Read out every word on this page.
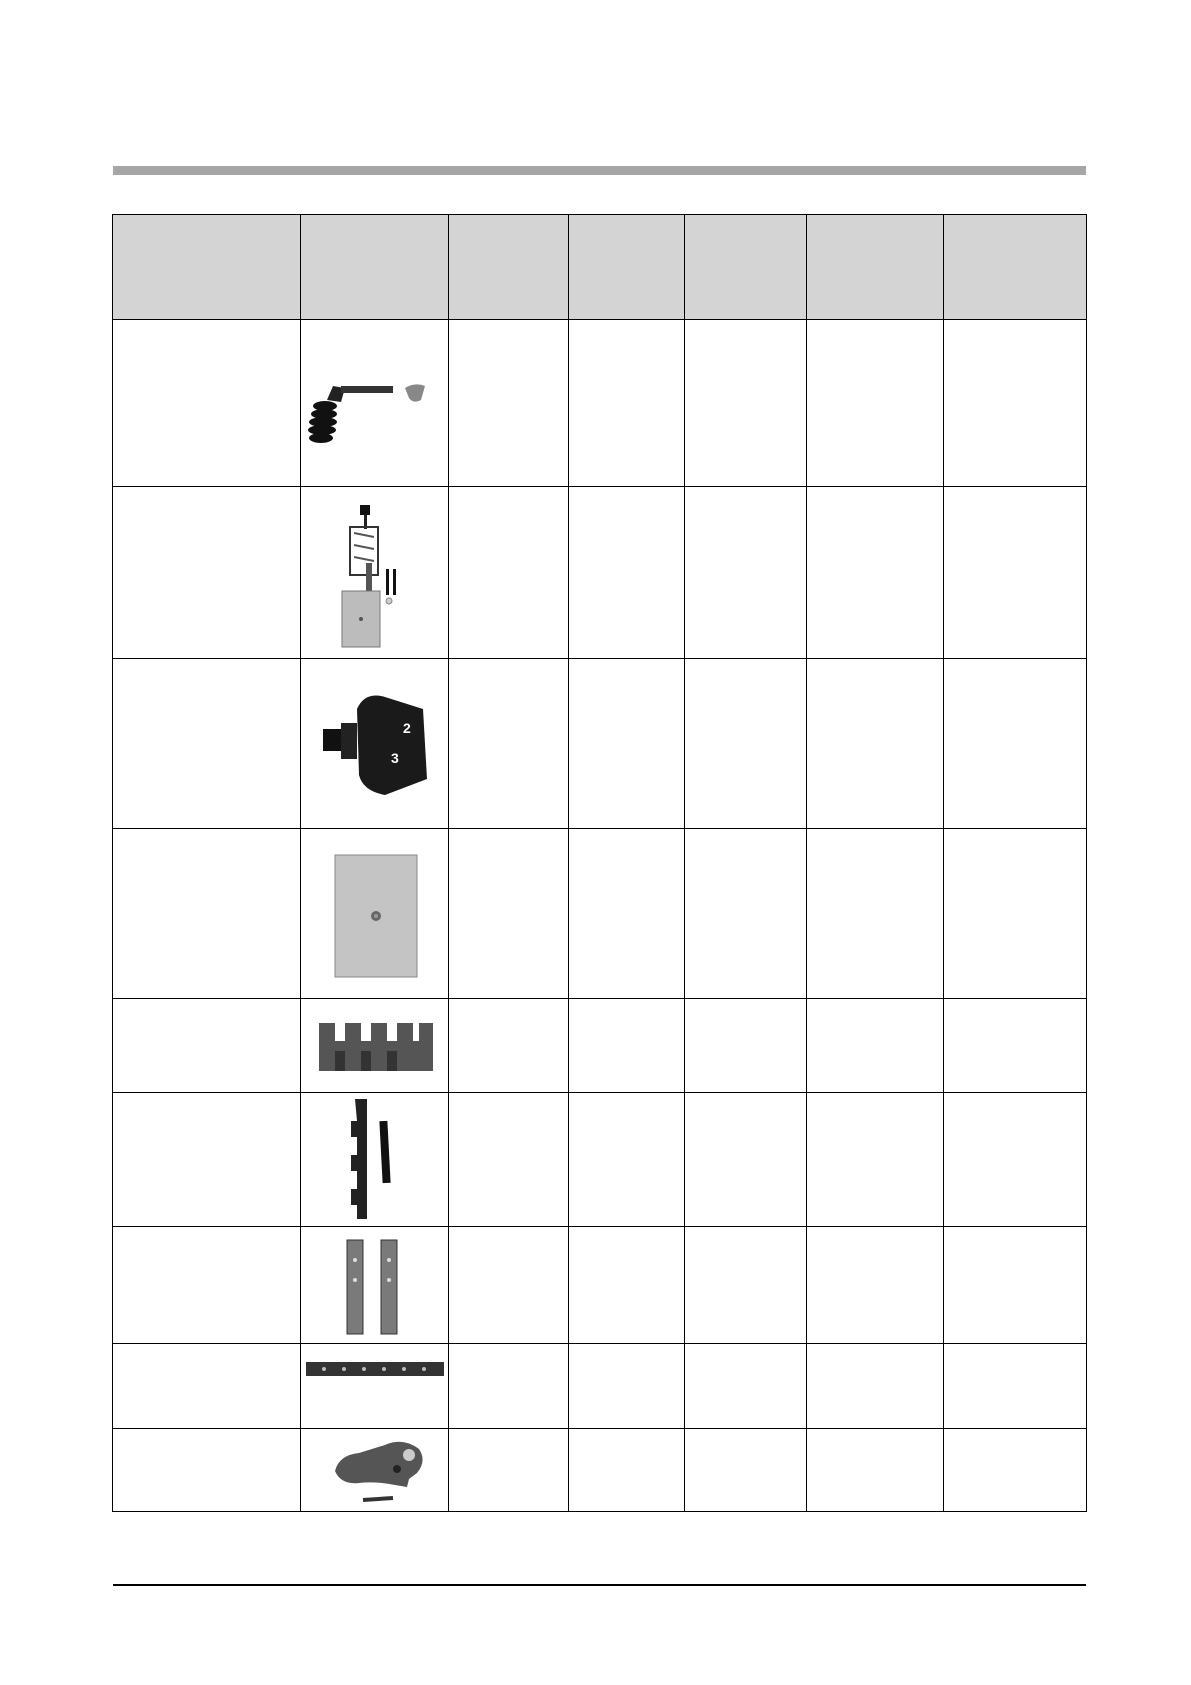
2
3					
